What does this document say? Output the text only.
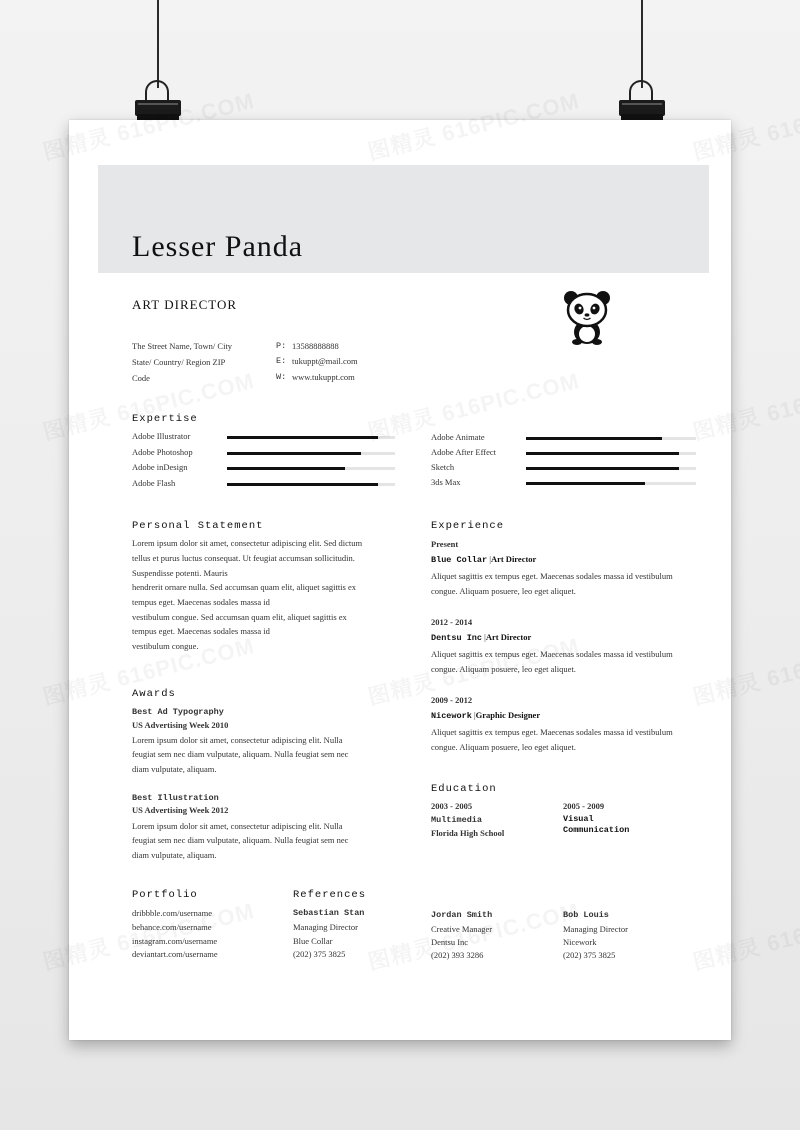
Lesser Panda
ART DIRECTOR
The Street Name, Town/ City
State/ Country/ Region ZIP
Code
P: 13588888888
E: tukuppt@mail.com
W: www.tukuppt.com
Expertise
Adobe Illustrator
Adobe Photoshop
Adobe inDesign
Adobe Flash
Adobe Animate
Adobe After Effect
Sketch
3ds Max
Personal Statement
Lorem ipsum dolor sit amet, consectetur adipiscing elit. Sed dictum
tellus et purus luctus consequat. Ut feugiat accumsan sollicitudin.
Suspendisse potenti. Mauris
hendrerit ornare nulla. Sed accumsan quam elit, aliquet sagittis ex
tempus eget. Maecenas sodales massa id
vestibulum congue. Sed accumsan quam elit, aliquet sagittis ex
tempus eget. Maecenas sodales massa id
vestibulum congue.
Awards
Best Ad Typography
US Advertising Week 2010
Lorem ipsum dolor sit amet, consectetur adipiscing elit. Nulla
feugiat sem nec diam vulputate, aliquam. Nulla feugiat sem nec
diam vulputate, aliquam.
Best Illustration
US Advertising Week 2012
Lorem ipsum dolor sit amet, consectetur adipiscing elit. Nulla
feugiat sem nec diam vulputate, aliquam. Nulla feugiat sem nec
diam vulputate, aliquam.
Experience
Present
Blue Collar |Art Director
Aliquet sagittis ex tempus eget. Maecenas sodales massa id vestibulum
congue. Aliquam posuere, leo eget aliquet.
2012 - 2014
Dentsu Inc |Art Director
Aliquet sagittis ex tempus eget. Maecenas sodales massa id vestibulum
congue. Aliquam posuere, leo eget aliquet.
2009 - 2012
Nicework |Graphic Designer
Aliquet sagittis ex tempus eget. Maecenas sodales massa id vestibulum
congue. Aliquam posuere, leo eget aliquet.
Education
2003 - 2005
Multimedia
Florida High School
2005 - 2009
Visual Communication
Portfolio
dribbble.com/username
behance.com/username
instagram.com/username
deviantart.com/username
References
Sebastian Stan
Managing Director
Blue Collar
(202) 375 3825
Jordan Smith
Creative Manager
Dentsu Inc
(202) 393 3286
Bob Louis
Managing Director
Nicework
(202) 375 3825
